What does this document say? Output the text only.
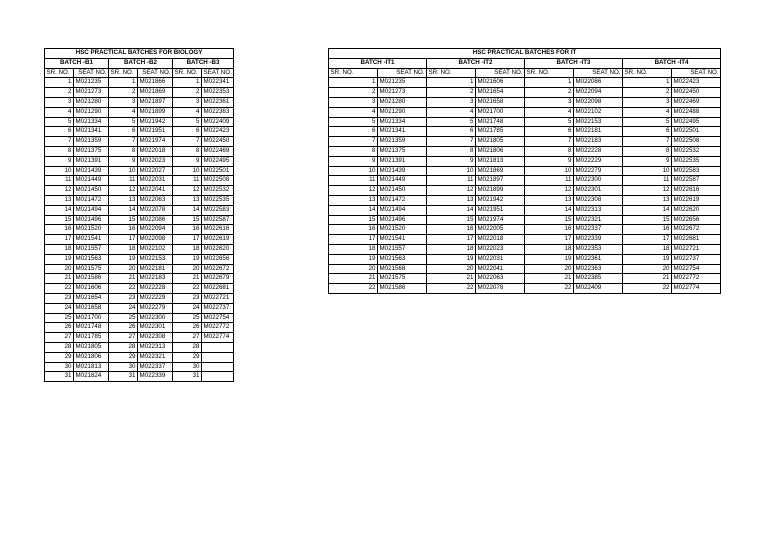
HSC PRACTICAL BATCHES FOR BIOLOGY					
BATCH -B1		BATCH -B2		BATCH -B3	
SR. NO.	SEAT NO.	SR. NO.	SEAT NO.	SR. NO.	SEAT NO.
1	M021235	1	M021866	1	M022341
2	M021273	2	M021869	2	M022353
3	M021280	3	M021897	3	M022361
4	M021290	4	M021899	4	M022363
5	M021334	5	M021942	5	M022409
6	M021341	6	M021951	6	M022423
7	M021359	7	M021974	7	M022450
8	M021375	8	M022018	8	M022469
9	M021391	9	M022023	9	M022495
10	M021439	10	M022027	10	M022501
11	M021449	11	M022031	11	M022508
12	M021450	12	M022041	12	M022532
13	M021472	13	M022063	13	M022535
14	M021494	14	M022078	14	M022583
15	M021496	15	M022086	15	M022587
16	M021520	16	M022094	16	M022616
17	M021541	17	M022098	17	M022619
18	M021557	18	M022102	18	M022620
19	M021563	19	M022153	19	M022656
20	M021575	20	M022181	20	M022672
21	M021586	21	M022183	21	M022679
22	M021606	22	M022228	22	M022681
23	M021654	23	M022229	23	M022721
24	M021658	24	M022279	24	M022737
25	M021700	25	M022300	25	M022754
26	M021748	26	M022301	26	M022772
27	M021785	27	M022308	27	M022774
28	M021805	28	M022313	28	
29	M021806	29	M022321	29	
30	M021813	30	M022337	30	
31	M021824	31	M022339	31	
HSC PRACTICAL BATCHES FOR IT							
BATCH -IT1		BATCH -IT2		BATCH -IT3		BATCH -IT4	
SR. NO.	SEAT NO.	SR. NO.	SEAT NO.	SR. NO.	SEAT NO.	SR. NO.	SEAT NO.
1	M021235	1	M021606	1	M022086	1	M022423
2	M021273	2	M021654	2	M022094	2	M022450
3	M021280	3	M021658	3	M022098	3	M022469
4	M021290	4	M021700	4	M022102	4	M022488
5	M021334	5	M021748	5	M022153	5	M022495
6	M021341	6	M021785	6	M022181	6	M022501
7	M021359	7	M021805	7	M022183	7	M022508
8	M021375	8	M021806	8	M022228	8	M022532
9	M021391	9	M021813	9	M022229	9	M022535
10	M021439	10	M021869	10	M022279	10	M022583
11	M021449	11	M021897	11	M022300	11	M022587
12	M021450	12	M021899	12	M022301	12	M022616
13	M021472	13	M021942	13	M022308	13	M022619
14	M021494	14	M021951	14	M022313	14	M022620
15	M021496	15	M021974	15	M022321	15	M022656
16	M021520	16	M022005	16	M022337	16	M022672
17	M021541	17	M022018	17	M022339	17	M022681
18	M021557	18	M022023	18	M022353	18	M022721
19	M021563	19	M022031	19	M022361	19	M022737
20	M021568	20	M022041	20	M022363	20	M022754
21	M021575	21	M022063	21	M022385	21	M022772
22	M021586	22	M022078	22	M022409	22	M022774
